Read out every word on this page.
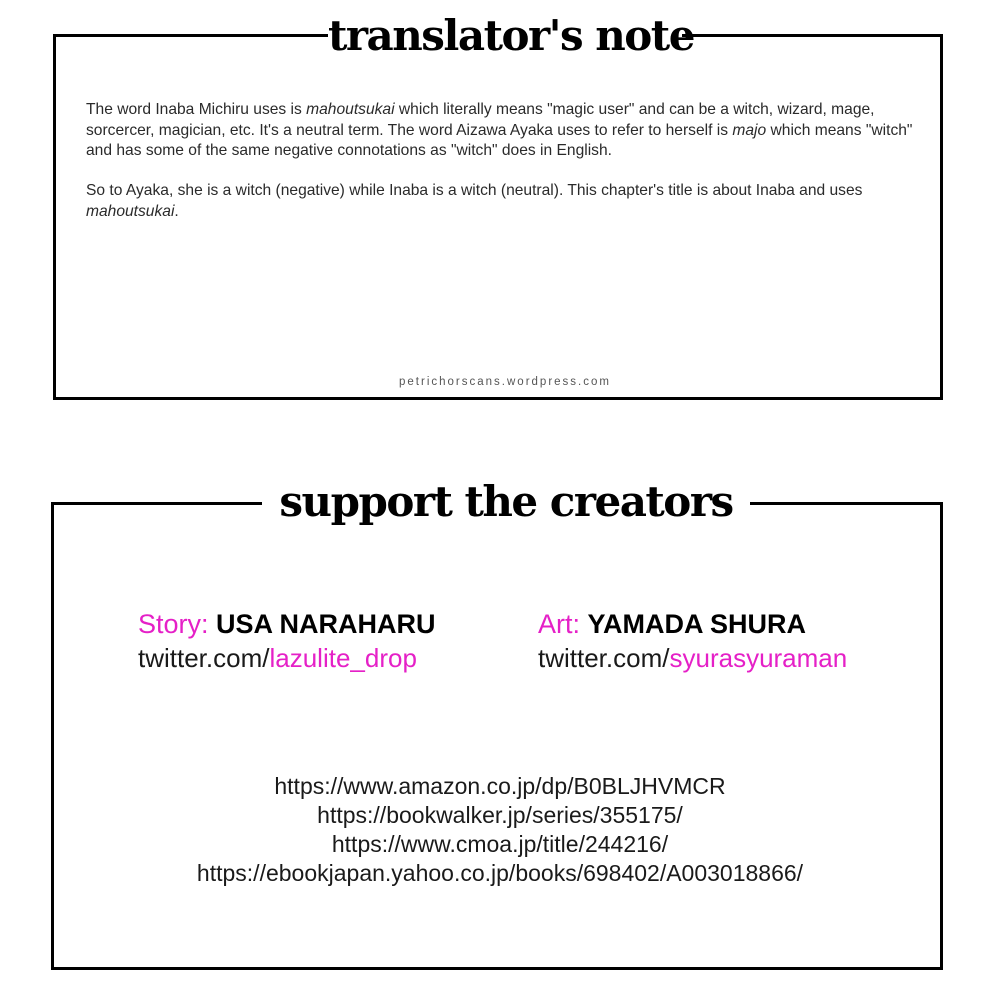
translator's note

The word Inaba Michiru uses is mahoutsukai which literally means "magic user" and can be a witch, wizard, mage, sorcercer, magician, etc. It's a neutral term. The word Aizawa Ayaka uses to refer to herself is majo which means "witch" and has some of the same negative connotations as "witch" does in English.

So to Ayaka, she is a witch (negative) while Inaba is a witch (neutral). This chapter's title is about Inaba and uses mahoutsukai.

petrichorscans.wordpress.com
support the creators
Story: USA NARAHARU
twitter.com/lazulite_drop
Art: YAMADA SHURA
twitter.com/syurasyuraman
https://www.amazon.co.jp/dp/B0BLJHVMCR
https://bookwalker.jp/series/355175/
https://www.cmoa.jp/title/244216/
https://ebookjapan.yahoo.co.jp/books/698402/A003018866/
